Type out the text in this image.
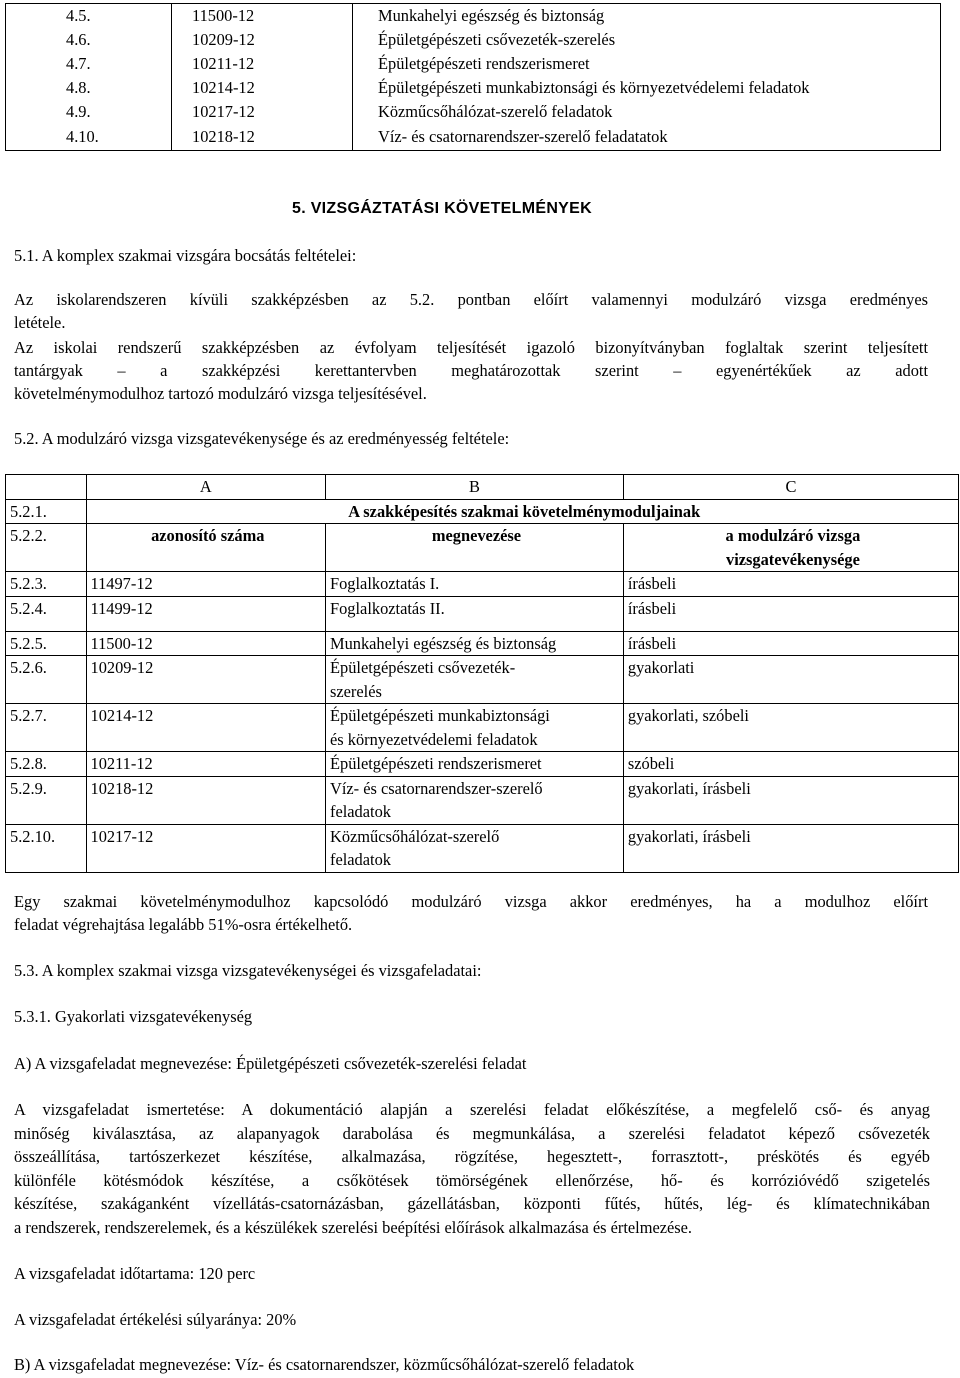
4.5.	11500-12	Munkahelyi egészség és biztonság
4.6.	10209-12	Épületgépészeti csővezeték-szerelés
4.7.	10211-12	Épületgépészeti rendszerismeret
4.8.	10214-12	Épületgépészeti munkabiztonsági és környezetvédelemi feladatok
4.9.	10217-12	Közműcsőhálózat-szerelő feladatok
4.10.	10218-12	Víz- és csatornarendszer-szerelő feladatatok
5. VIZSGÁZTATÁSI KÖVETELMÉNYEK
5.1. A komplex szakmai vizsgára bocsátás feltételei:
Az iskolarendszeren kívüli szakképzésben az 5.2. pontban előírt valamennyi modulzáró vizsga eredményes
letétele.
Az iskolai rendszerű szakképzésben az évfolyam teljesítését igazoló bizonyítványban foglaltak szerint teljesített
tantárgyak – a szakképzési kerettantervben meghatározottak szerint – egyenértékűek az adott
követelménymodulhoz tartozó modulzáró vizsga teljesítésével.
5.2. A modulzáró vizsga vizsgatevékenysége és az eredményesség feltétele:
	A	B	C
5.2.1.	A szakképesítés szakmai követelménymoduljainak		
5.2.2.	azonosító száma	megnevezése	a modulzáró vizsga
vizsgatevékenysége

5.2.3.	11497-12	Foglalkoztatás I.	írásbeli
5.2.4.	11499-12	Foglalkoztatás II.	írásbeli
5.2.5.	11500-12	Munkahelyi egészség és biztonság	írásbeli
5.2.6.	10209-12	Épületgépészeti csővezeték-
szerelés	gyakorlati
5.2.7.	10214-12	Épületgépészeti munkabiztonsági
és környezetvédelemi feladatok	gyakorlati, szóbeli
5.2.8.	10211-12	Épületgépészeti rendszerismeret	szóbeli
5.2.9.	10218-12	Víz- és csatornarendszer-szerelő
feladatok	gyakorlati, írásbeli
5.2.10.	10217-12	Közműcsőhálózat-szerelő
feladatok	gyakorlati, írásbeli
Egy szakmai követelménymodulhoz kapcsolódó modulzáró vizsga akkor eredményes, ha a modulhoz előírt
feladat végrehajtása legalább 51%-osra értékelhető.
5.3. A komplex szakmai vizsga vizsgatevékenységei és vizsgafeladatai:
5.3.1. Gyakorlati vizsgatevékenység
A) A vizsgafeladat megnevezése: Épületgépészeti csővezeték-szerelési feladat
A vizsgafeladat ismertetése: A dokumentáció alapján a szerelési feladat előkészítése, a megfelelő cső- és anyag
minőség kiválasztása, az alapanyagok darabolása és megmunkálása, a szerelési feladatot képező csővezeték
összeállítása, tartószerkezet készítése, alkalmazása, rögzítése, hegesztett-, forrasztott-, préskötés és egyéb
különféle kötésmódok készítése, a csőkötések tömörségének ellenőrzése, hő- és korrózióvédő szigetelés
készítése, szakáganként vízellátás-csatornázásban, gázellátásban, központi fűtés, hűtés, lég- és klímatechnikában
a rendszerek, rendszerelemek, és a készülékek szerelési beépítési előírások alkalmazása és értelmezése.
A vizsgafeladat időtartama: 120 perc
A vizsgafeladat értékelési súlyaránya: 20%
B) A vizsgafeladat megnevezése: Víz- és csatornarendszer, közműcsőhálózat-szerelő feladatok
